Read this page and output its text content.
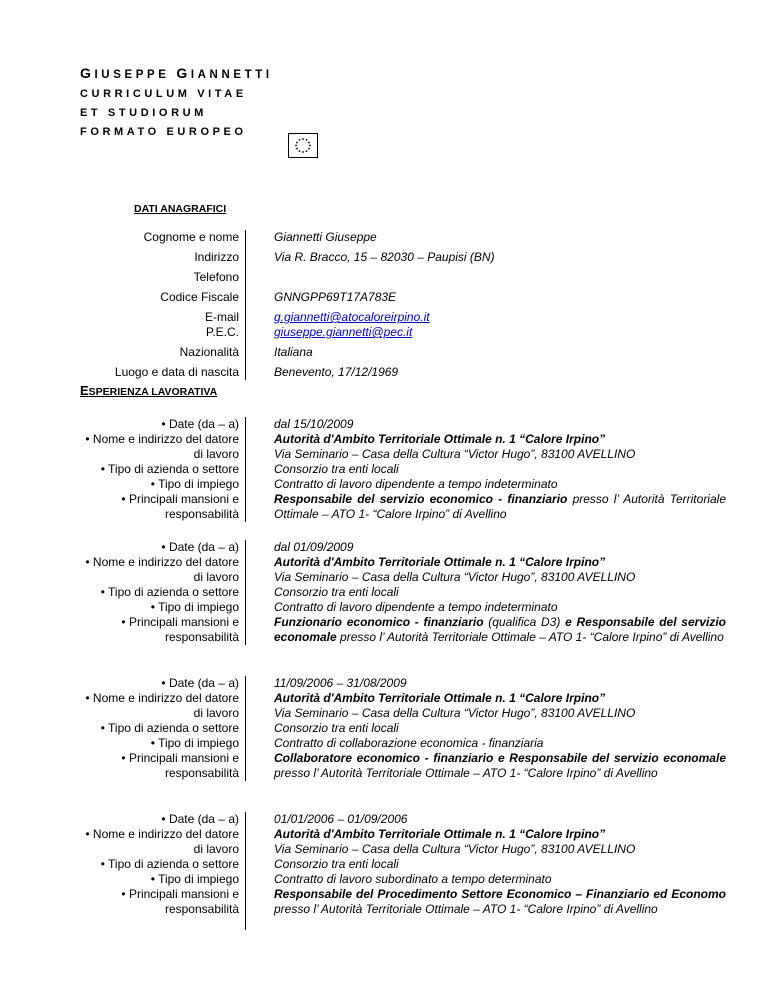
GIUSEPPE GIANNETTI
CURRICULUM VITAE
ET STUDIORUM
FORMATO EUROPEO
DATI ANAGRAFICI
Cognome e nome
Indirizzo
Telefono
Codice Fiscale
E-mail
P.E.C.
Nazionalità
Luogo e data di nascita
Giannetti Giuseppe
Via R. Bracco, 15 – 82030 – Paupisi (BN)
GNNGPP69T17A783E
g.giannetti@atocaloreirpino.it
giuseppe.giannetti@pec.it
Italiana
Benevento, 17/12/1969
ESPERIENZA LAVORATIVA
• Date (da – a)
• Nome e indirizzo del datore
di lavoro
• Tipo di azienda o settore
• Tipo di impiego
• Principali mansioni e
responsabilità
dal 15/10/2009
Autorità d'Ambito Territoriale Ottimale n. 1 “Calore Irpino”
Via Seminario – Casa della Cultura “Victor Hugo”, 83100 AVELLINO
Consorzio tra enti locali
Contratto di lavoro dipendente a tempo indeterminato
Responsabile del servizio economico - finanziario presso l’ Autorità Territoriale Ottimale – ATO 1- “Calore Irpino” di Avellino
• Date (da – a)
• Nome e indirizzo del datore
di lavoro
• Tipo di azienda o settore
• Tipo di impiego
• Principali mansioni e
responsabilità
dal 01/09/2009
Autorità d'Ambito Territoriale Ottimale n. 1 “Calore Irpino”
Via Seminario – Casa della Cultura “Victor Hugo”, 83100 AVELLINO
Consorzio tra enti locali
Contratto di lavoro dipendente a tempo indeterminato
Funzionario economico - finanziario (qualifica D3) e Responsabile del servizio economale presso l’ Autorità Territoriale Ottimale – ATO 1- “Calore Irpino” di Avellino
• Date (da – a)
• Nome e indirizzo del datore
di lavoro
• Tipo di azienda o settore
• Tipo di impiego
• Principali mansioni e
responsabilità
11/09/2006 – 31/08/2009
Autorità d'Ambito Territoriale Ottimale n. 1 “Calore Irpino”
Via Seminario – Casa della Cultura “Victor Hugo”, 83100 AVELLINO
Consorzio tra enti locali
Contratto di collaborazione economica - finanziaria
Collaboratore economico - finanziario e Responsabile del servizio economale presso l’ Autorità Territoriale Ottimale – ATO 1- “Calore Irpino” di Avellino
• Date (da – a)
• Nome e indirizzo del datore
di lavoro
• Tipo di azienda o settore
• Tipo di impiego
• Principali mansioni e
responsabilità
01/01/2006 – 01/09/2006
Autorità d'Ambito Territoriale Ottimale n. 1 “Calore Irpino”
Via Seminario – Casa della Cultura “Victor Hugo”, 83100 AVELLINO
Consorzio tra enti locali
Contratto di lavoro subordinato a tempo determinato
Responsabile del Procedimento Settore Economico – Finanziario ed Economo presso l’ Autorità Territoriale Ottimale – ATO 1- “Calore Irpino” di Avellino
